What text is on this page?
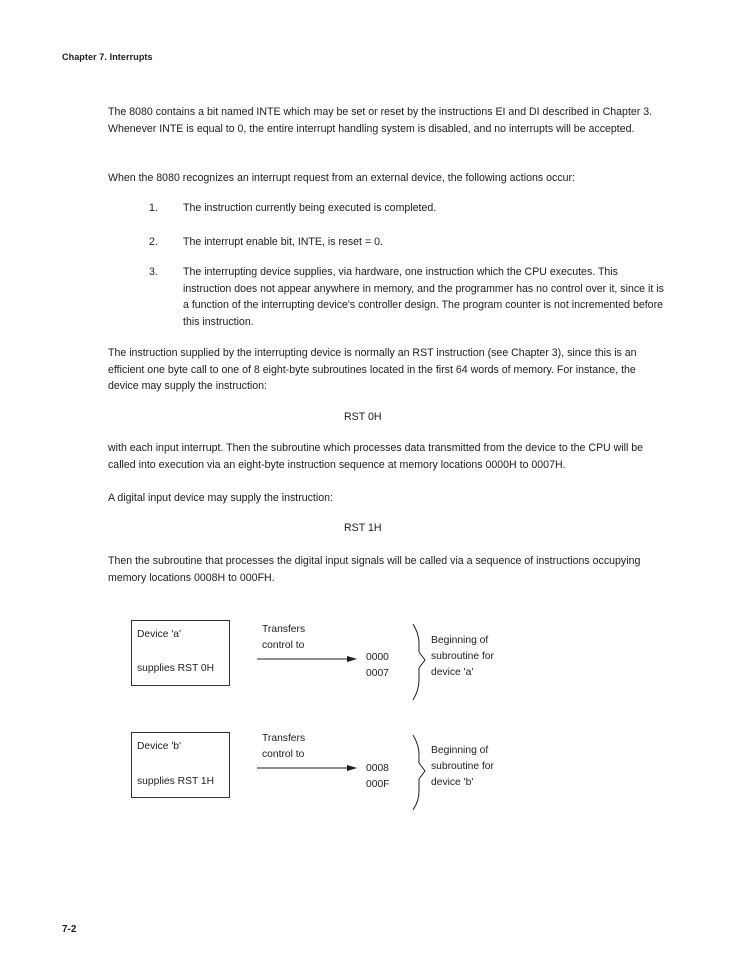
Chapter 7. Interrupts
The 8080 contains a bit named INTE which may be set or reset by the instructions EI and DI described in Chapter 3. Whenever INTE is equal to 0, the entire interrupt handling system is disabled, and no interrupts will be accepted.
When the 8080 recognizes an interrupt request from an external device, the following actions occur:
1. The instruction currently being executed is completed.
2. The interrupt enable bit, INTE, is reset = 0.
3. The interrupting device supplies, via hardware, one instruction which the CPU executes. This instruction does not appear anywhere in memory, and the programmer has no control over it, since it is a function of the interrupting device's controller design. The program counter is not incremented before this instruction.
The instruction supplied by the interrupting device is normally an RST instruction (see Chapter 3), since this is an efficient one byte call to one of 8 eight-byte subroutines located in the first 64 words of memory. For instance, the device may supply the instruction:
RST 0H
with each input interrupt. Then the subroutine which processes data transmitted from the device to the CPU will be called into execution via an eight-byte instruction sequence at memory locations 0000H to 0007H.
A digital input device may supply the instruction:
RST 1H
Then the subroutine that processes the digital input signals will be called via a sequence of instructions occupying memory locations 0008H to 000FH.
Device 'a'
supplies RST 0H
Transfers
control to
0000
0007
Beginning of
subroutine for
device 'a'
Device 'b'
supplies RST 1H
Transfers
control to
0008
000F
Beginning of
subroutine for
device 'b'
7-2
